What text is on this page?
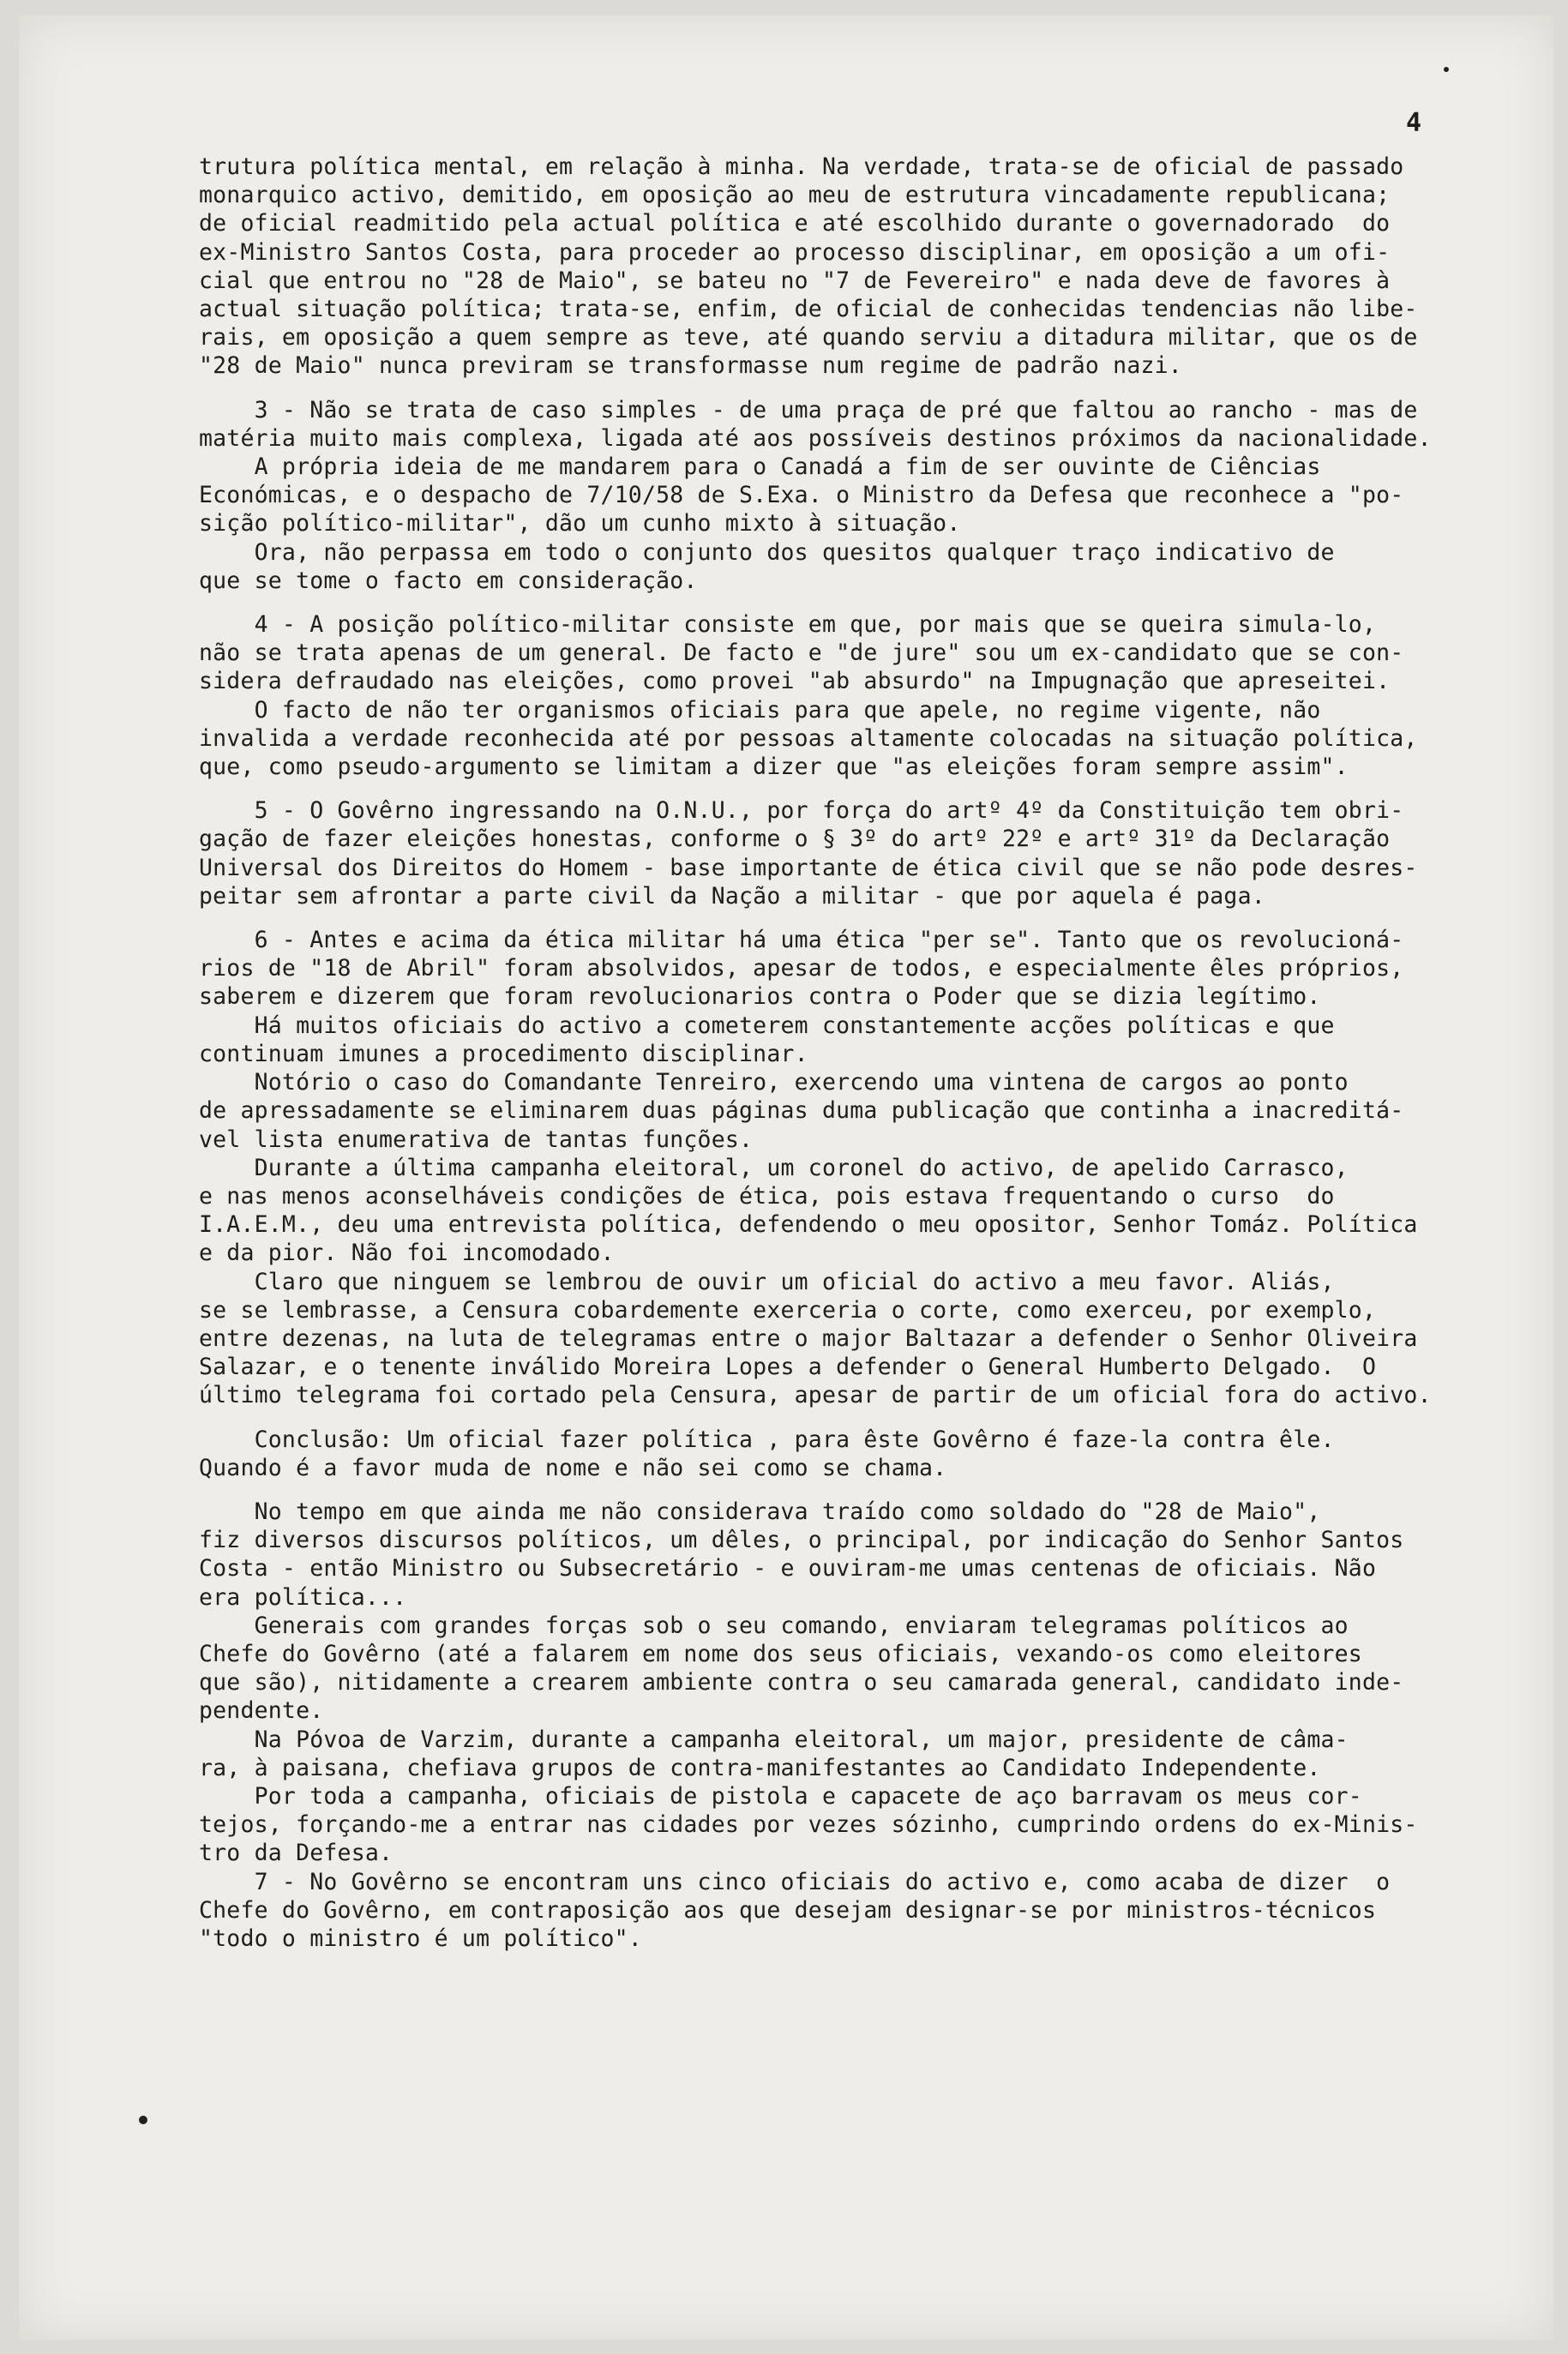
4
trutura política mental, em relação à minha. Na verdade, trata-se de oficial de passado
monarquico activo, demitido, em oposição ao meu de estrutura vincadamente republicana;
de oficial readmitido pela actual política e até escolhido durante o governadorado  do
ex-Ministro Santos Costa, para proceder ao processo disciplinar, em oposição a um ofi-
cial que entrou no "28 de Maio", se bateu no "7 de Fevereiro" e nada deve de favores à
actual situação política; trata-se, enfim, de oficial de conhecidas tendencias não libe-
rais, em oposição a quem sempre as teve, até quando serviu a ditadura militar, que os de
"28 de Maio" nunca previram se transformasse num regime de padrão nazi.
3 - Não se trata de caso simples - de uma praça de pré que faltou ao rancho - mas de
matéria muito mais complexa, ligada até aos possíveis destinos próximos da nacionalidade.
A própria ideia de me mandarem para o Canadá a fim de ser ouvinte de Ciências
Económicas, e o despacho de 7/10/58 de S.Exa. o Ministro da Defesa que reconhece a "po-
sição político-militar", dão um cunho mixto à situação.
Ora, não perpassa em todo o conjunto dos quesitos qualquer traço indicativo de
que se tome o facto em consideração.
4 - A posição político-militar consiste em que, por mais que se queira simula-lo,
não se trata apenas de um general. De facto e "de jure" sou um ex-candidato que se con-
sidera defraudado nas eleições, como provei "ab absurdo" na Impugnação que apreseitei.
O facto de não ter organismos oficiais para que apele, no regime vigente, não
invalida a verdade reconhecida até por pessoas altamente colocadas na situação política,
que, como pseudo-argumento se limitam a dizer que "as eleições foram sempre assim".
5 - O Govêrno ingressando na O.N.U., por força do artº 4º da Constituição tem obri-
gação de fazer eleições honestas, conforme o § 3º do artº 22º e artº 31º da Declaração
Universal dos Direitos do Homem - base importante de ética civil que se não pode desres-
peitar sem afrontar a parte civil da Nação a militar - que por aquela é paga.
6 - Antes e acima da ética militar há uma ética "per se". Tanto que os revolucioná-
rios de "18 de Abril" foram absolvidos, apesar de todos, e especialmente êles próprios,
saberem e dizerem que foram revolucionarios contra o Poder que se dizia legítimo.
Há muitos oficiais do activo a cometerem constantemente acções políticas e que
continuam imunes a procedimento disciplinar.
Notório o caso do Comandante Tenreiro, exercendo uma vintena de cargos ao ponto
de apressadamente se eliminarem duas páginas duma publicação que continha a inacreditá-
vel lista enumerativa de tantas funções.
Durante a última campanha eleitoral, um coronel do activo, de apelido Carrasco,
e nas menos aconselháveis condições de ética, pois estava frequentando o curso  do
I.A.E.M., deu uma entrevista política, defendendo o meu opositor, Senhor Tomáz. Política
e da pior. Não foi incomodado.
Claro que ninguem se lembrou de ouvir um oficial do activo a meu favor. Aliás,
se se lembrasse, a Censura cobardemente exerceria o corte, como exerceu, por exemplo,
entre dezenas, na luta de telegramas entre o major Baltazar a defender o Senhor Oliveira
Salazar, e o tenente inválido Moreira Lopes a defender o General Humberto Delgado.  O
último telegrama foi cortado pela Censura, apesar de partir de um oficial fora do activo.
Conclusão: Um oficial fazer política , para êste Govêrno é faze-la contra êle.
Quando é a favor muda de nome e não sei como se chama.
No tempo em que ainda me não considerava traído como soldado do "28 de Maio",
fiz diversos discursos políticos, um dêles, o principal, por indicação do Senhor Santos
Costa - então Ministro ou Subsecretário - e ouviram-me umas centenas de oficiais. Não
era política...
Generais com grandes forças sob o seu comando, enviaram telegramas políticos ao
Chefe do Govêrno (até a falarem em nome dos seus oficiais, vexando-os como eleitores
que são), nitidamente a crearem ambiente contra o seu camarada general, candidato inde-
pendente.
Na Póvoa de Varzim, durante a campanha eleitoral, um major, presidente de câma-
ra, à paisana, chefiava grupos de contra-manifestantes ao Candidato Independente.
Por toda a campanha, oficiais de pistola e capacete de aço barravam os meus cor-
tejos, forçando-me a entrar nas cidades por vezes sózinho, cumprindo ordens do ex-Minis-
tro da Defesa.
7 - No Govêrno se encontram uns cinco oficiais do activo e, como acaba de dizer  o
Chefe do Govêrno, em contraposição aos que desejam designar-se por ministros-técnicos
"todo o ministro é um político".
